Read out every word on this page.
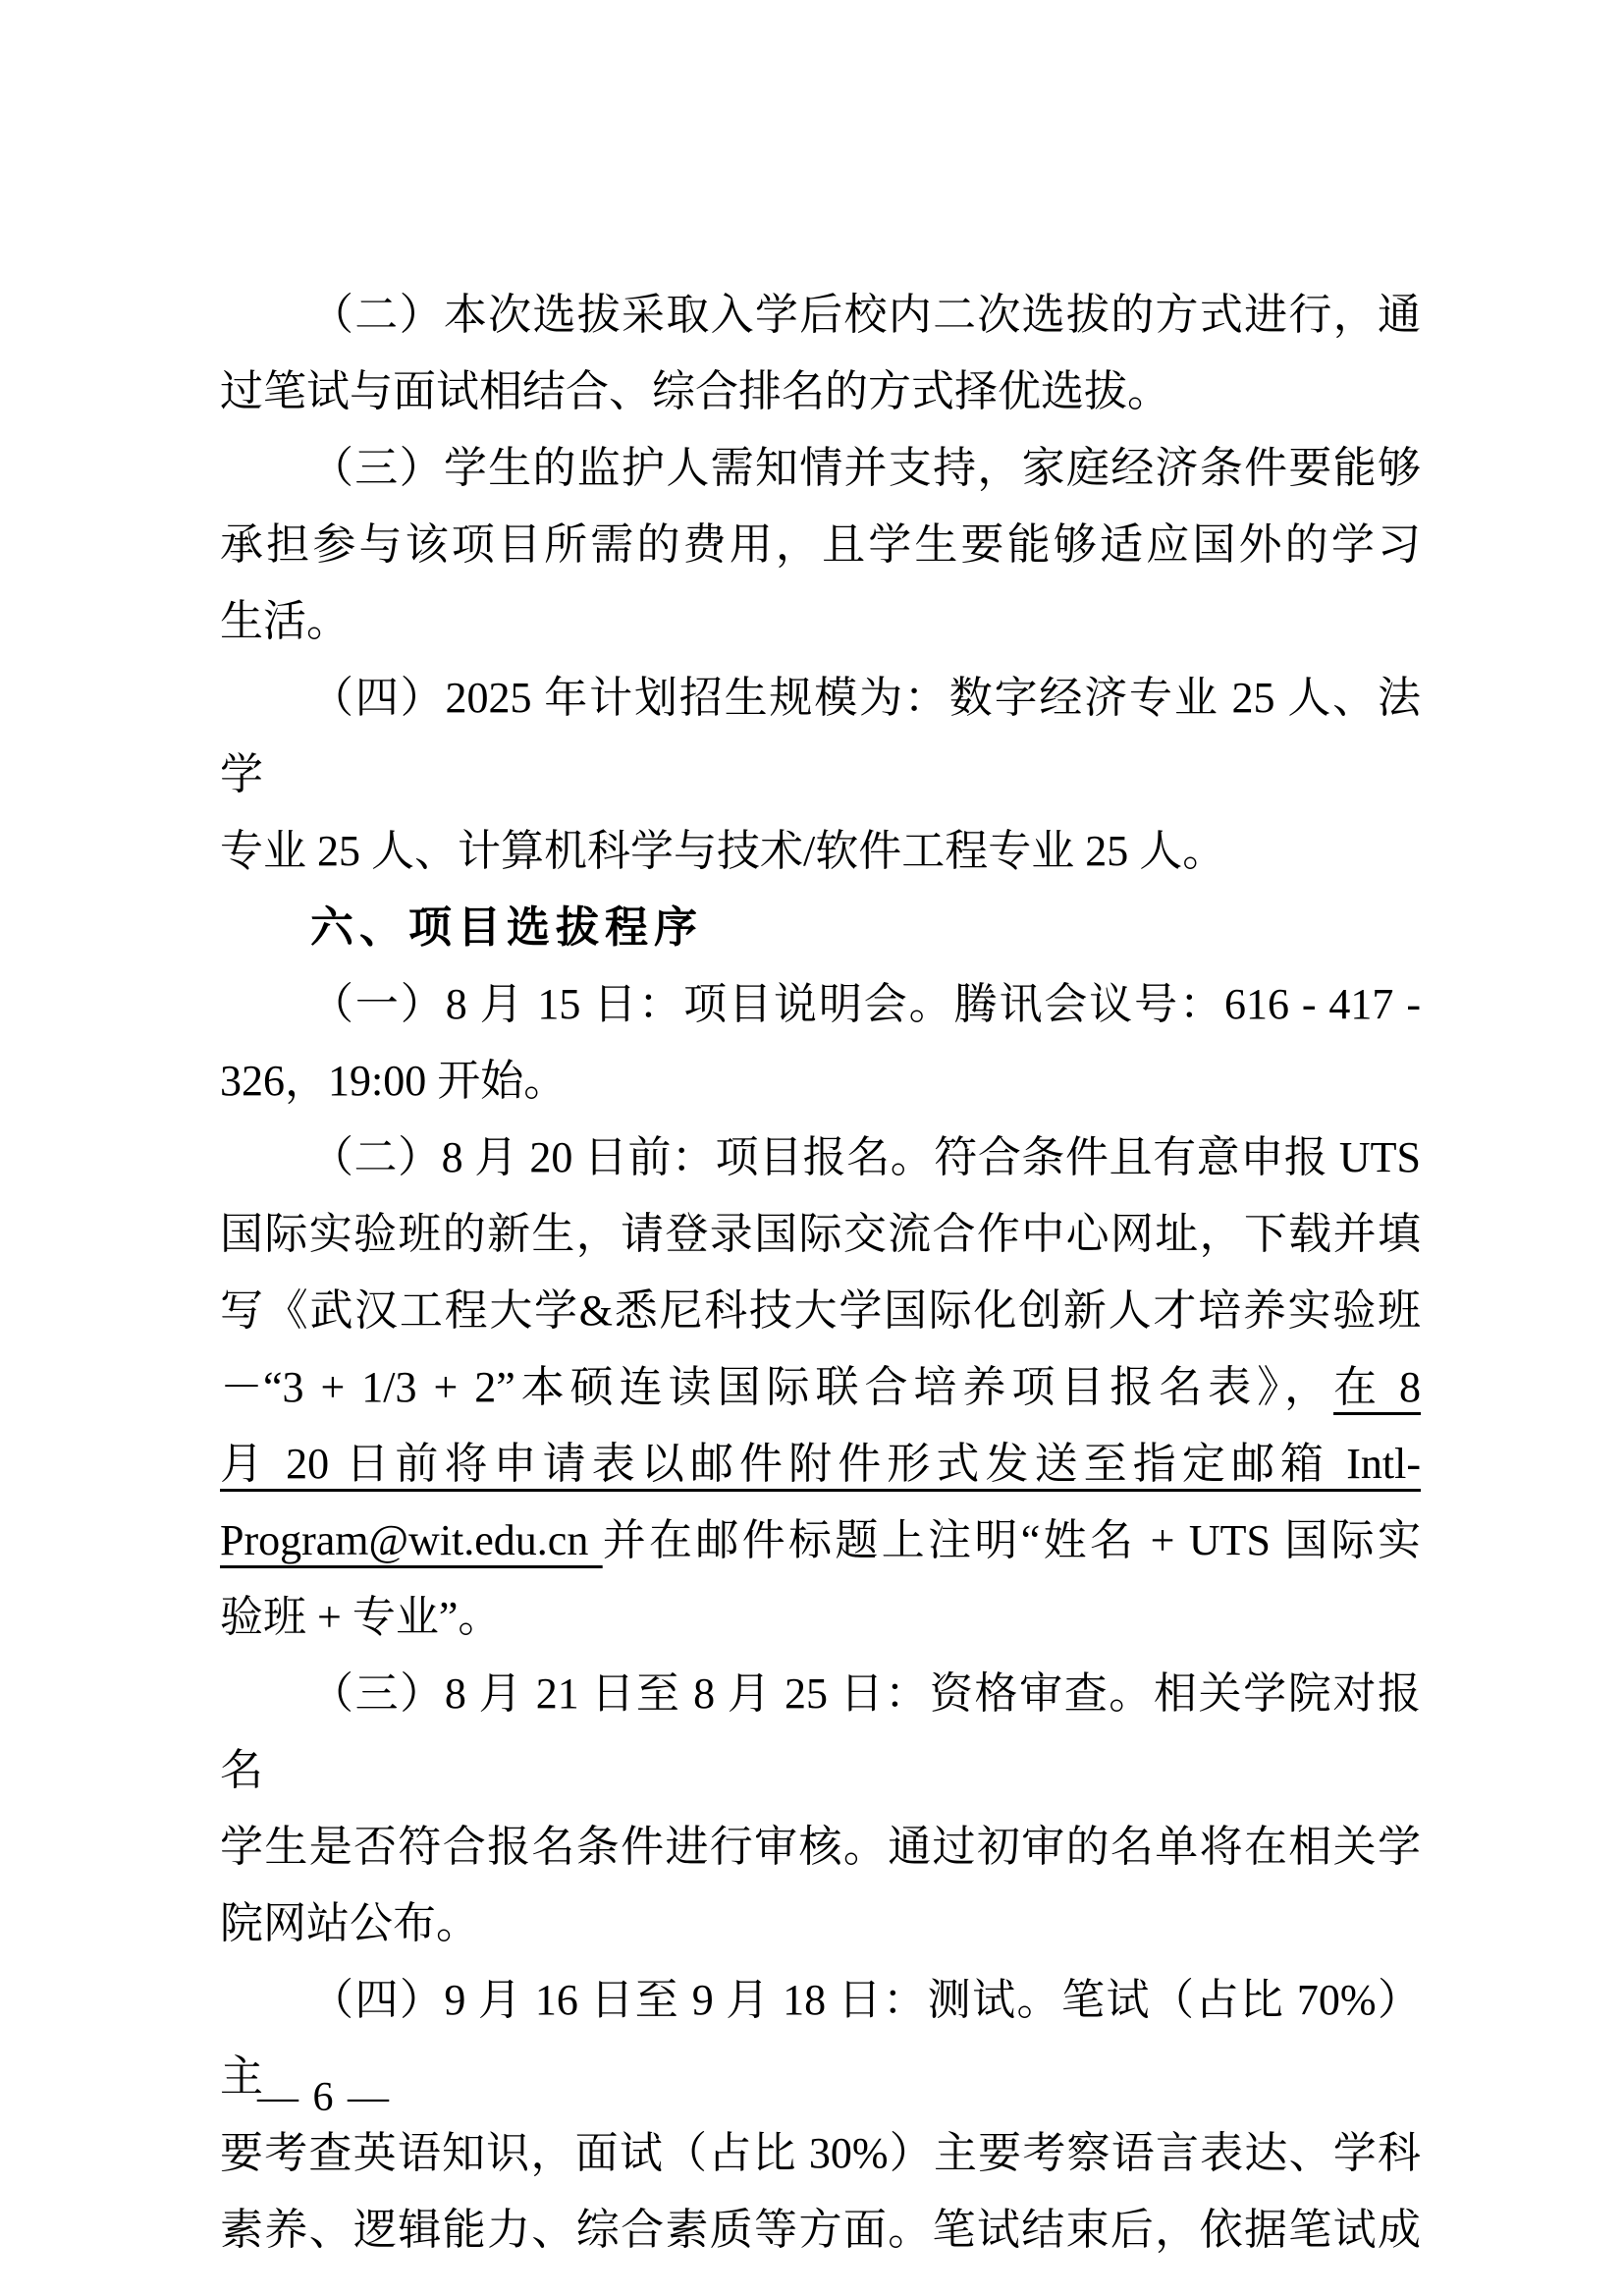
（二）本次选拔采取入学后校内二次选拔的方式进行，通
过笔试与面试相结合、综合排名的方式择优选拔。
（三）学生的监护人需知情并支持，家庭经济条件要能够
承担参与该项目所需的费用，且学生要能够适应国外的学习
生活。
（四）2025 年计划招生规模为：数字经济专业 25 人、法学
专业 25 人、计算机科学与技术/软件工程专业 25 人。
六、项目选拔程序
（一）8 月 15 日：项目说明会。腾讯会议号：616 - 417 -
326，19:00 开始。
（二）8 月 20 日前：项目报名。符合条件且有意申报 UTS
国际实验班的新生，请登录国际交流合作中心网址，下载并填
写《武汉工程大学&悉尼科技大学国际化创新人才培养实验班
－“3 + 1/3 + 2”本硕连读国际联合培养项目报名表》，在 8
月 20 日前将申请表以邮件附件形式发送至指定邮箱 Intl-
Program@wit.edu.cn 并在邮件标题上注明“姓名 + UTS 国际实
验班 + 专业”。
（三）8 月 21 日至 8 月 25 日：资格审查。相关学院对报名
学生是否符合报名条件进行审核。通过初审的名单将在相关学
院网站公布。
（四）9 月 16 日至 9 月 18 日：测试。笔试（占比 70%）主
要考查英语知识，面试（占比 30%）主要考察语言表达、学科
素养、逻辑能力、综合素质等方面。笔试结束后，依据笔试成
— 6 —
